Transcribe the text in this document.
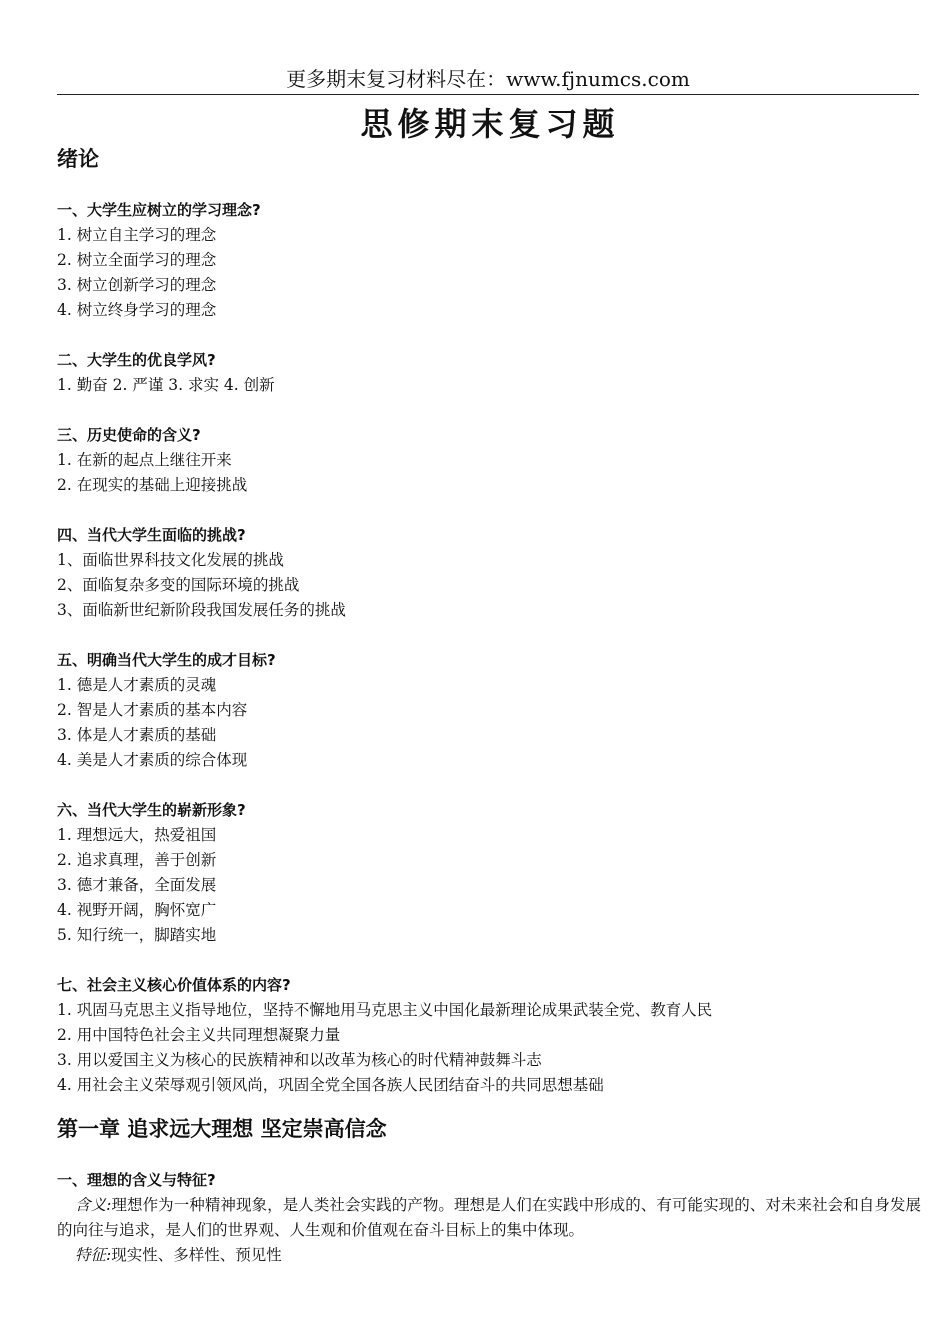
更多期末复习材料尽在：www.fjnumcs.com
思修期末复习题
绪论
一、大学生应树立的学习理念?
1. 树立自主学习的理念
2. 树立全面学习的理念
3. 树立创新学习的理念
4. 树立终身学习的理念
二、大学生的优良学风?
1. 勤奋 2. 严谨 3. 求实 4. 创新
三、历史使命的含义?
1. 在新的起点上继往开来
2. 在现实的基础上迎接挑战
四、当代大学生面临的挑战?
1、面临世界科技文化发展的挑战
2、面临复杂多变的国际环境的挑战
3、面临新世纪新阶段我国发展任务的挑战
五、明确当代大学生的成才目标?
1. 德是人才素质的灵魂
2. 智是人才素质的基本内容
3. 体是人才素质的基础
4. 美是人才素质的综合体现
六、当代大学生的崭新形象?
1. 理想远大，热爱祖国
2. 追求真理，善于创新
3. 德才兼备，全面发展
4. 视野开阔，胸怀宽广
5. 知行统一，脚踏实地
七、社会主义核心价值体系的内容?
1. 巩固马克思主义指导地位，坚持不懈地用马克思主义中国化最新理论成果武装全党、教育人民
2. 用中国特色社会主义共同理想凝聚力量
3. 用以爱国主义为核心的民族精神和以改革为核心的时代精神鼓舞斗志
4. 用社会主义荣辱观引领风尚，巩固全党全国各族人民团结奋斗的共同思想基础
第一章 追求远大理想 坚定崇高信念
一、理想的含义与特征?
含义:理想作为一种精神现象，是人类社会实践的产物。理想是人们在实践中形成的、有可能实现的、对未来社会和自身发展的向往与追求，是人们的世界观、人生观和价值观在奋斗目标上的集中体现。
特征:现实性、多样性、预见性
